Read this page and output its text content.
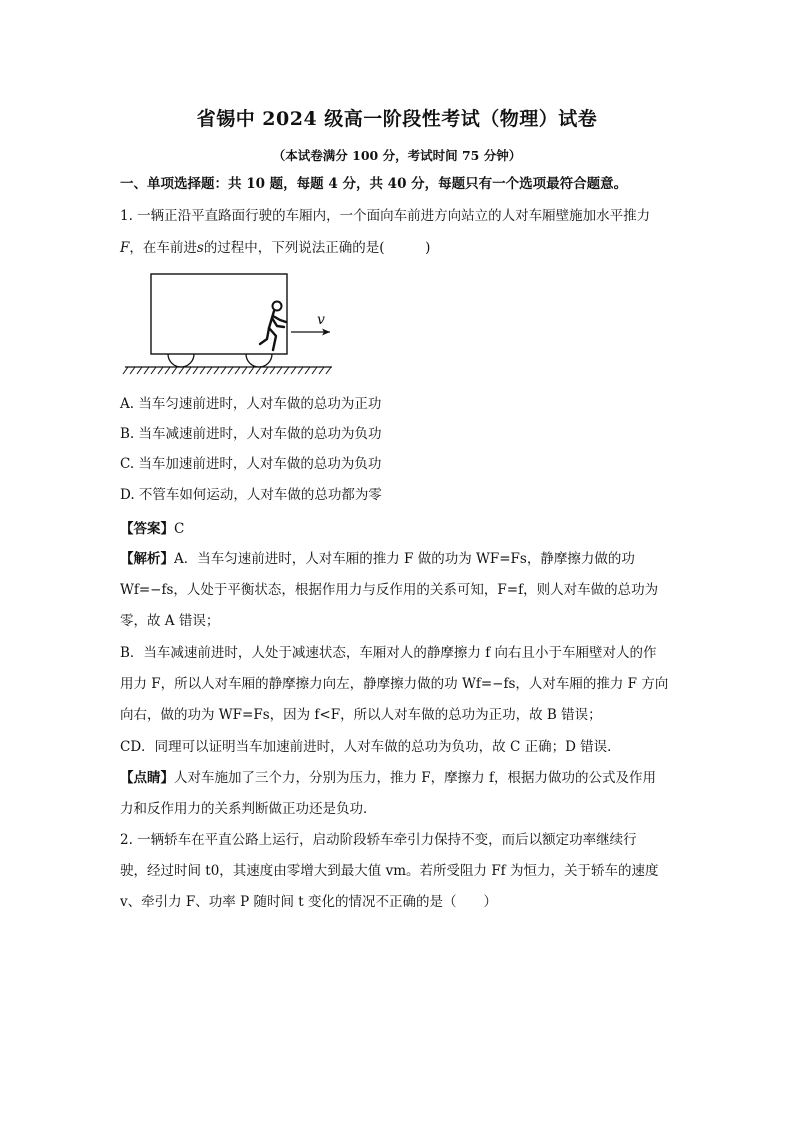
省锡中 2024 级高一阶段性考试（物理）试卷
（本试卷满分 100 分，考试时间 75 分钟）
一、单项选择题：共 10 题，每题 4 分，共 40 分，每题只有一个选项最符合题意。
1. 一辆正沿平直路面行驶的车厢内，一个面向车前进方向站立的人对车厢壁施加水平推力
F，在车前进s的过程中，下列说法正确的是(　　　)
v
A. 当车匀速前进时，人对车做的总功为正功
B. 当车减速前进时，人对车做的总功为负功
C. 当车加速前进时，人对车做的总功为负功
D. 不管车如何运动，人对车做的总功都为零
【答案】C
【解析】A．当车匀速前进时，人对车厢的推力 F 做的功为 WF=Fs，静摩擦力做的功
Wf=−fs，人处于平衡状态，根据作用力与反作用的关系可知，F=f，则人对车做的总功为
零，故 A 错误；
B．当车减速前进时，人处于减速状态，车厢对人的静摩擦力 f 向右且小于车厢壁对人的作
用力 F，所以人对车厢的静摩擦力向左，静摩擦力做的功 Wf=−fs，人对车厢的推力 F 方向
向右，做的功为 WF=Fs，因为 f<F，所以人对车做的总功为正功，故 B 错误；
CD．同理可以证明当车加速前进时，人对车做的总功为负功，故 C 正确；D 错误．
【点睛】人对车施加了三个力，分别为压力，推力 F，摩擦力 f，根据力做功的公式及作用
力和反作用力的关系判断做正功还是负功．
2. 一辆轿车在平直公路上运行，启动阶段轿车牵引力保持不变，而后以额定功率继续行
驶，经过时间 t0，其速度由零增大到最大值 vm。若所受阻力 Ff 为恒力，关于轿车的速度
v、牵引力 F、功率 P 随时间 t 变化的情况不正确的是（　　）
